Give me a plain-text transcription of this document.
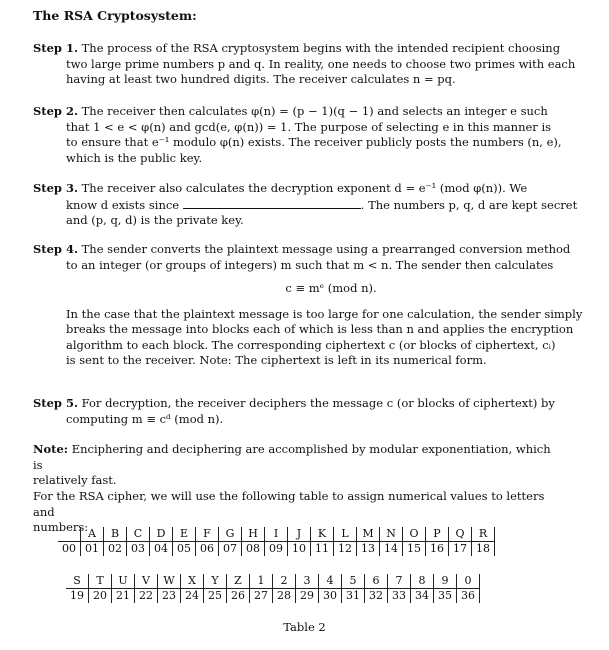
The RSA Cryptosystem:
Step 1. The process of the RSA cryptosystem begins with the intended recipient choosing
two large prime numbers p and q. In reality, one needs to choose two primes with each
having at least two hundred digits. The receiver calculates n = pq.
Step 2. The receiver then calculates φ(n) = (p − 1)(q − 1) and selects an integer e such
that 1 < e < φ(n) and gcd(e, φ(n)) = 1. The purpose of selecting e in this manner is
to ensure that e⁻¹ modulo φ(n) exists. The receiver publicly posts the numbers (n, e),
which is the public key.
Step 3. The receiver also calculates the decryption exponent d = e⁻¹ (mod φ(n)). We
know d exists since	. The numbers p, q, d are kept secret
and (p, q, d) is the private key.
Step 4. The sender converts the plaintext message using a prearranged conversion method
to an integer (or groups of integers) m such that m < n. The sender then calculates
c ≡ mᵉ (mod n).
In the case that the plaintext message is too large for one calculation, the sender simply
breaks the message into blocks each of which is less than n and applies the encryption
algorithm to each block. The corresponding ciphertext c (or blocks of ciphertext, cᵢ)
is sent to the receiver. Note: The ciphertext is left in its numerical form.
Step 5. For decryption, the receiver deciphers the message c (or blocks of ciphertext) by
computing m ≡ cᵈ (mod n).
Note: Enciphering and deciphering are accomplished by modular exponentiation, which is
relatively fast.
For the RSA cipher, we will use the following table to assign numerical values to letters and
numbers:
	A	B	C	D	E	F	G	H	I	J	K	L	M	N	O	P	Q	R
00	01	02	03	04	05	06	07	08	09	10	11	12	13	14	15	16	17	18
S	T	U	V	W	X	Y	Z	1	2	3	4	5	6	7	8	9	0
19	20	21	22	23	24	25	26	27	28	29	30	31	32	33	34	35	36
Table 2
